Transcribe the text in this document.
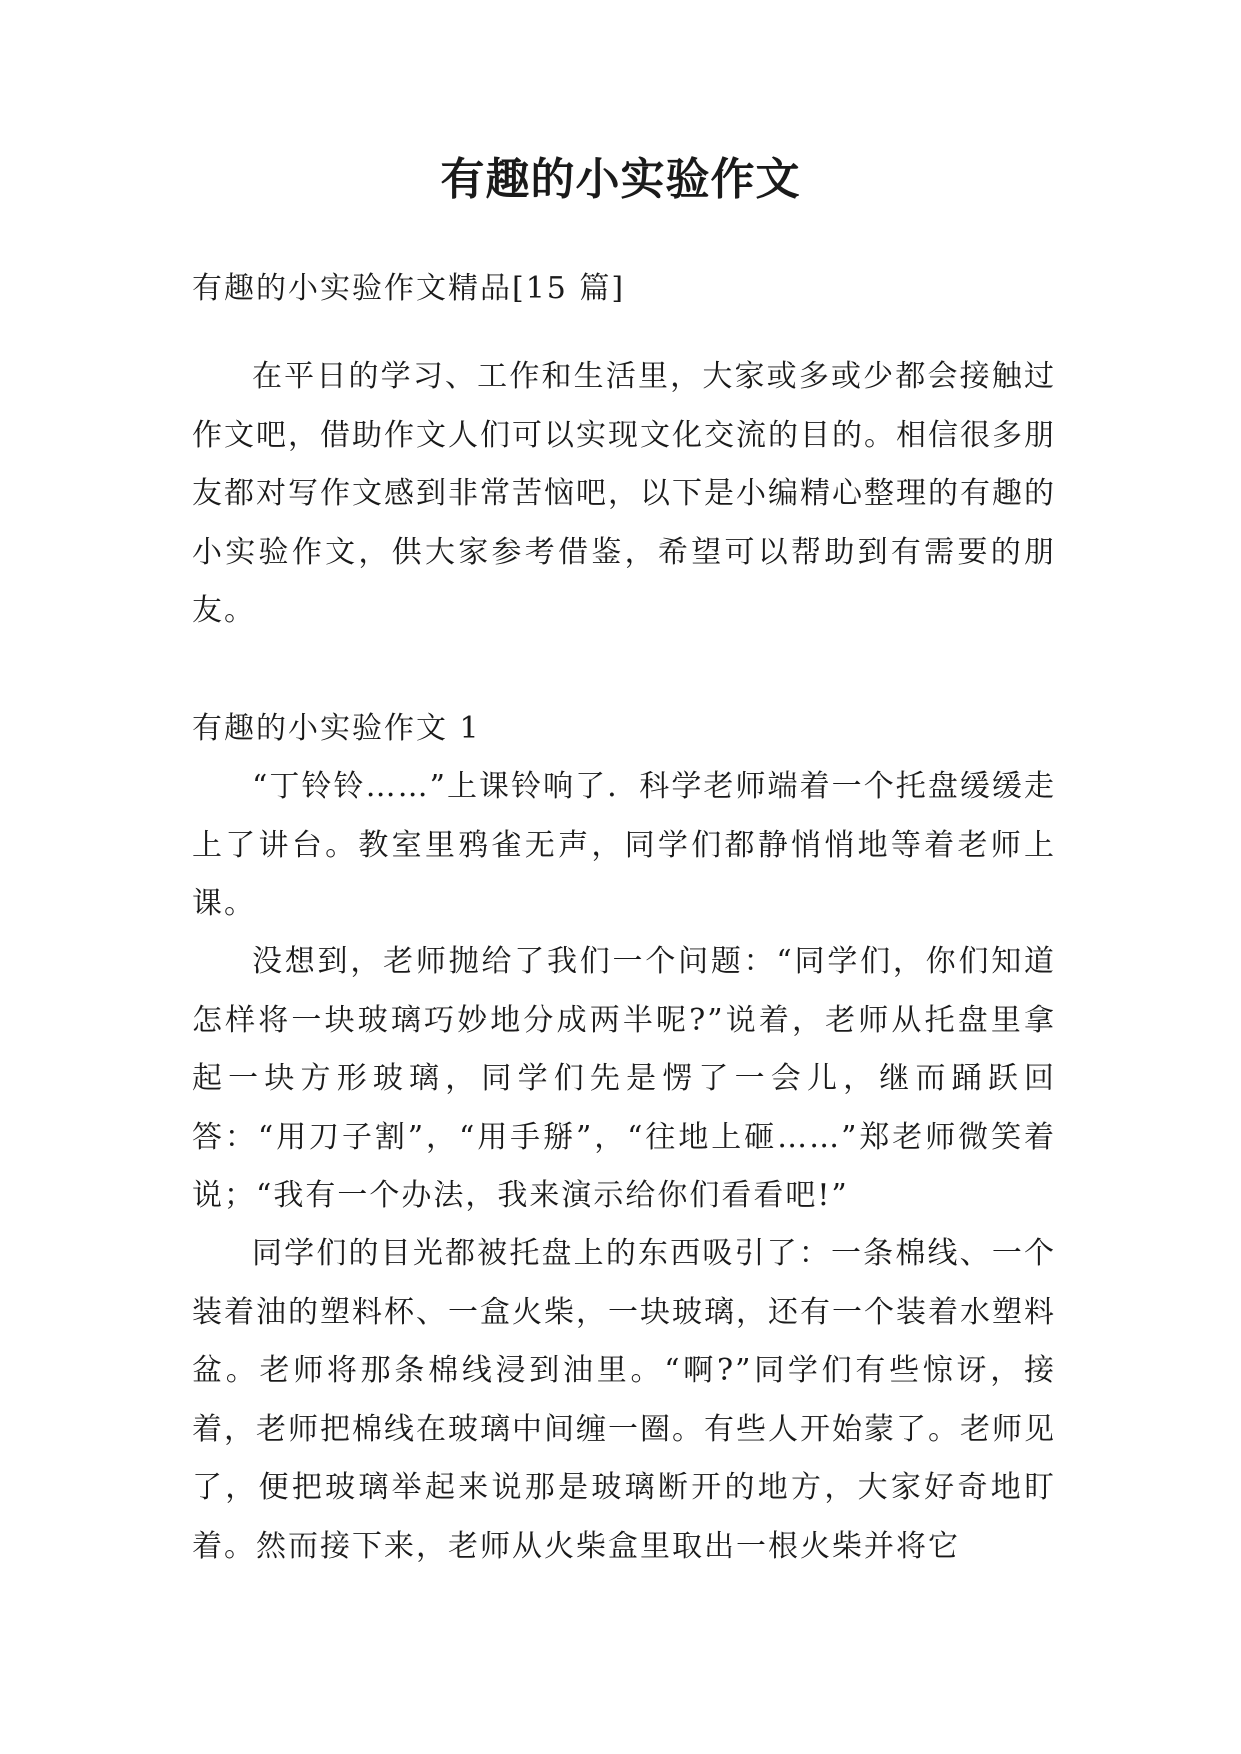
有趣的小实验作文

有趣的小实验作文精品[15 篇]

在平日的学习、工作和生活里，大家或多或少都会接触过作文吧，借助作文人们可以实现文化交流的目的。相信很多朋友都对写作文感到非常苦恼吧，以下是小编精心整理的有趣的小实验作文，供大家参考借鉴，希望可以帮助到有需要的朋友。

有趣的小实验作文 1

“丁铃铃……”上课铃响了．科学老师端着一个托盘缓缓走上了讲台。教室里鸦雀无声，同学们都静悄悄地等着老师上课。

没想到，老师抛给了我们一个问题：“同学们，你们知道怎样将一块玻璃巧妙地分成两半呢?”说着，老师从托盘里拿起一块方形玻璃，同学们先是愣了一会儿，继而踊跃回答：“用刀子割”，“用手掰”，“往地上砸……”郑老师微笑着说；“我有一个办法，我来演示给你们看看吧!”

同学们的目光都被托盘上的东西吸引了：一条棉线、一个装着油的塑料杯、一盒火柴，一块玻璃，还有一个装着水塑料盆。老师将那条棉线浸到油里。“啊?”同学们有些惊讶，接着，老师把棉线在玻璃中间缠一圈。有些人开始蒙了。老师见了，便把玻璃举起来说那是玻璃断开的地方，大家好奇地盯着。然而接下来，老师从火柴盒里取出一根火柴并将它
